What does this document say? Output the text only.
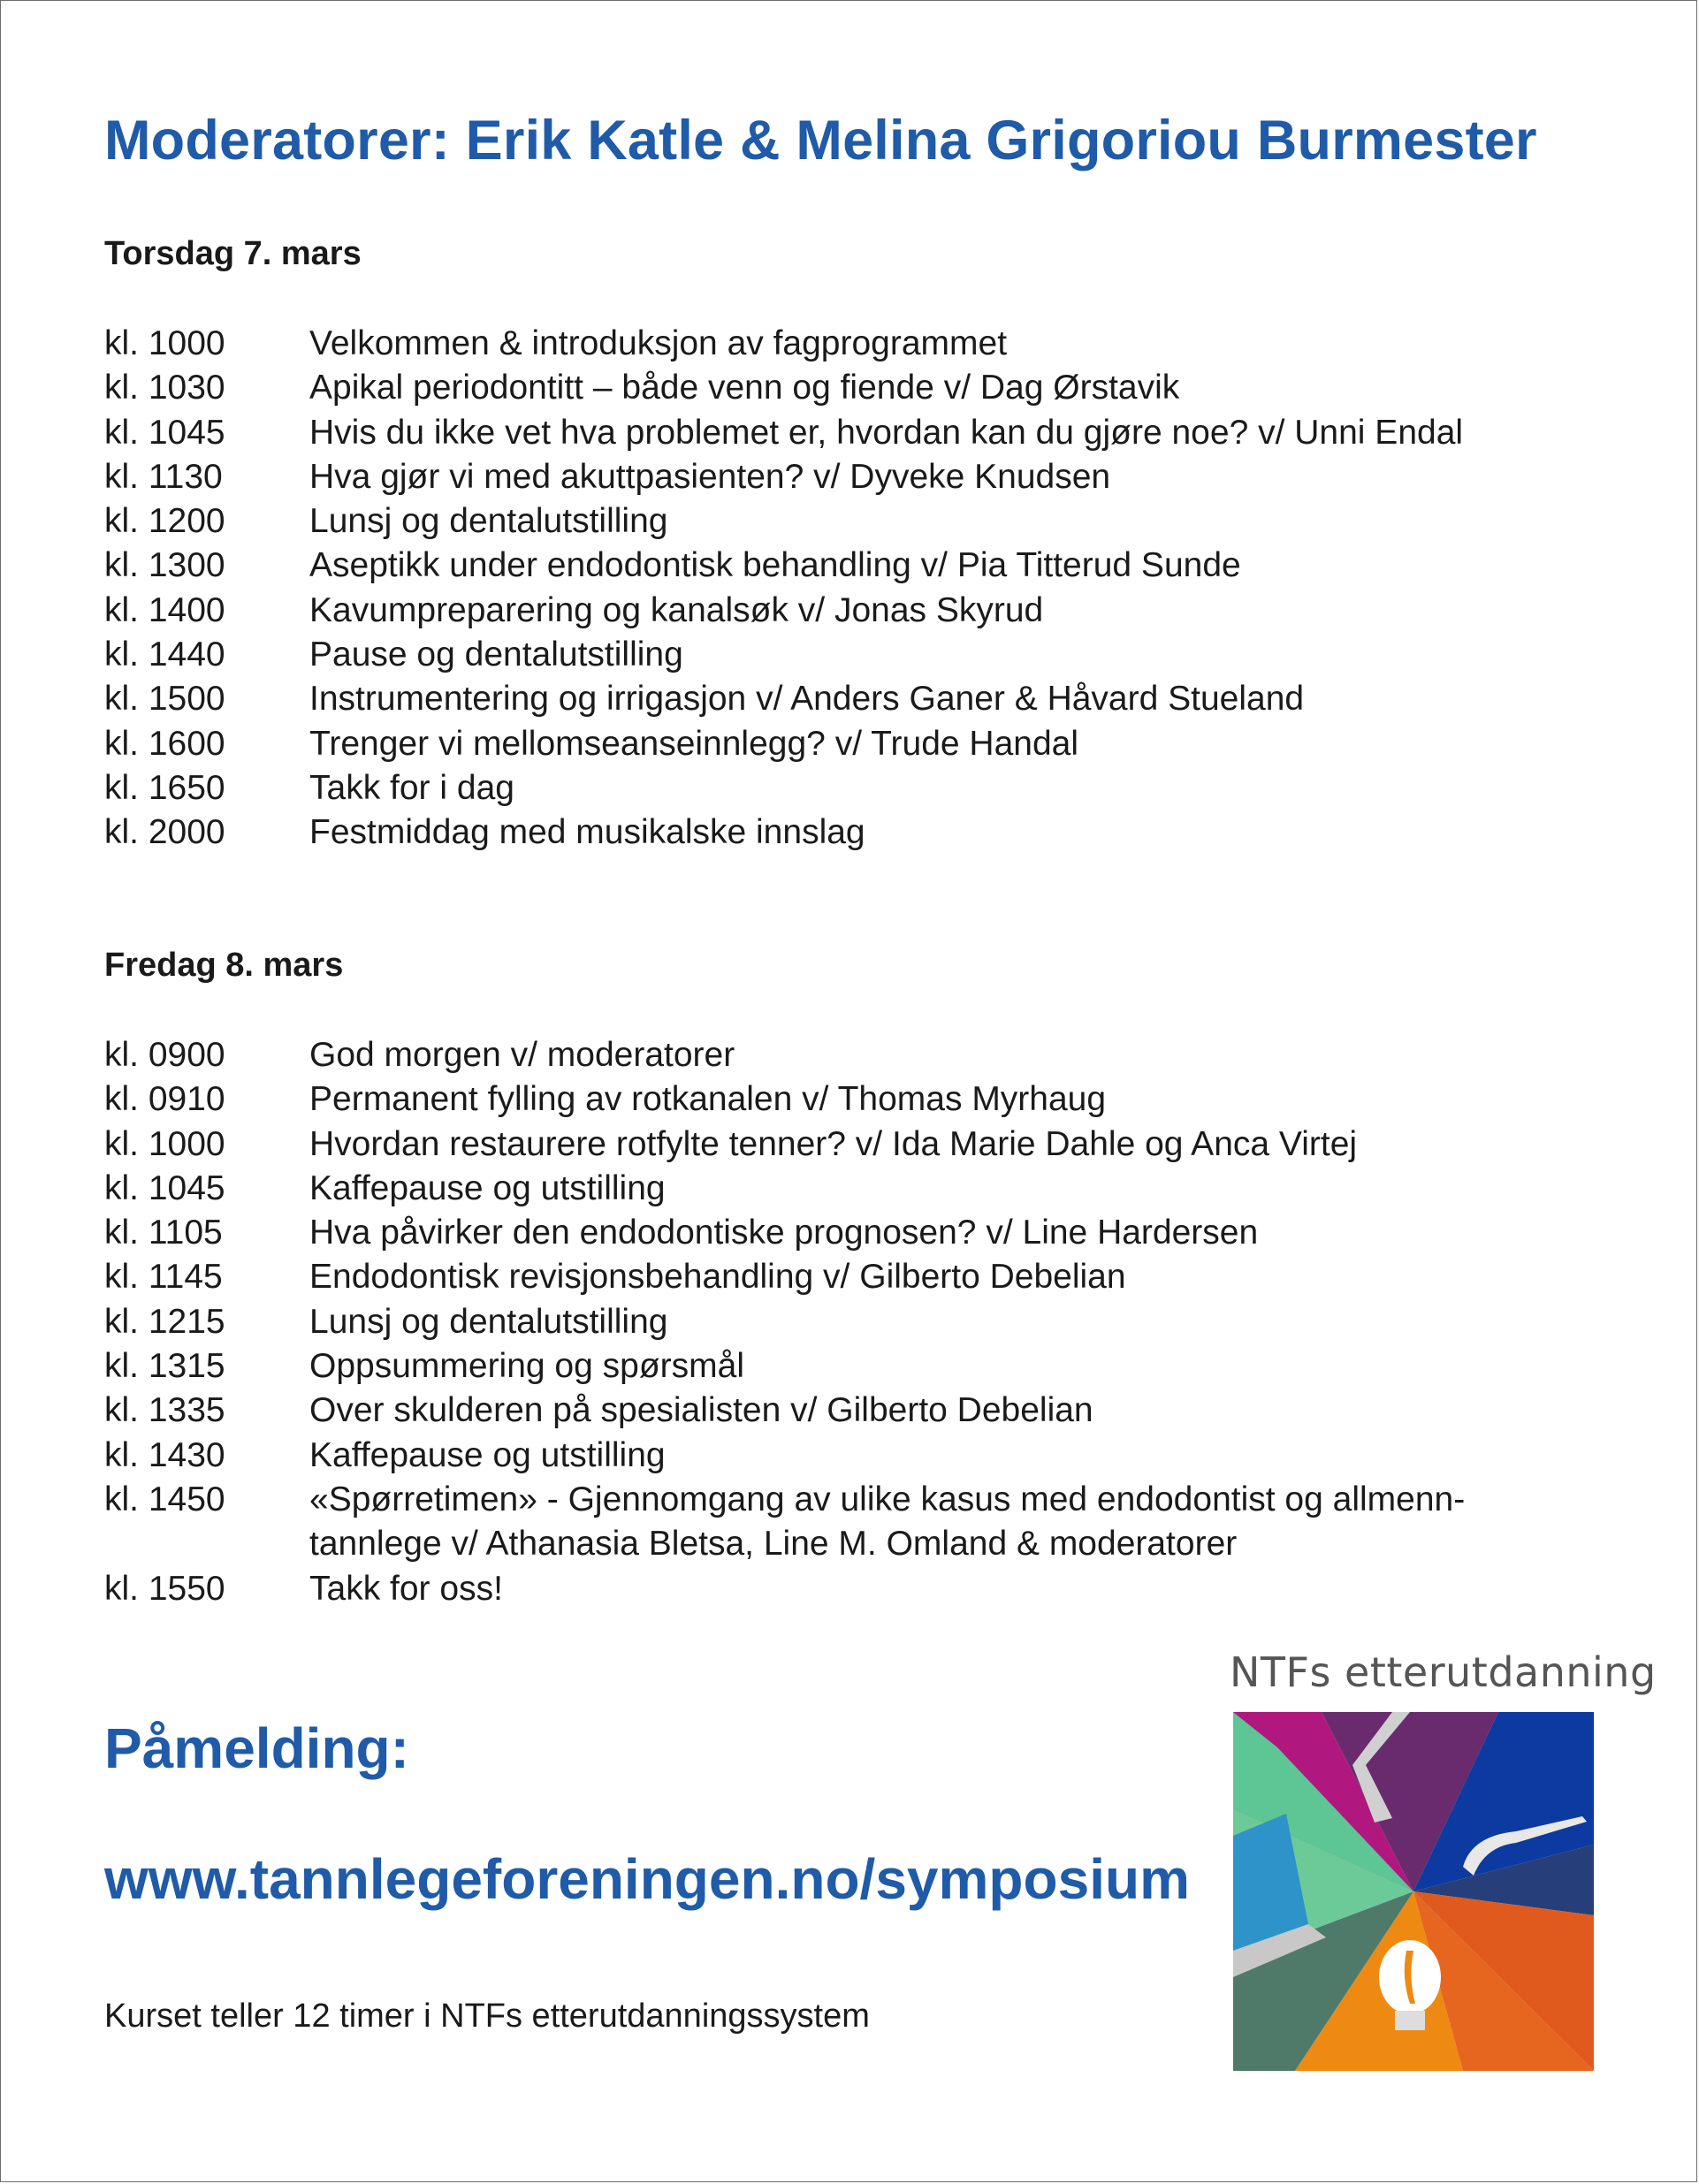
Moderatorer: Erik Katle & Melina Grigoriou Burmester
Torsdag 7. mars
kl. 1000	Velkommen & introduksjon av fagprogrammet
kl. 1030	Apikal periodontitt – både venn og fiende v/ Dag Ørstavik
kl. 1045	Hvis du ikke vet hva problemet er, hvordan kan du gjøre noe? v/ Unni Endal
kl. 1130	Hva gjør vi med akuttpasienten? v/ Dyveke Knudsen
kl. 1200	Lunsj og dentalutstilling
kl. 1300	Aseptikk under endodontisk behandling v/ Pia Titterud Sunde
kl. 1400	Kavumpreparering og kanalsøk v/ Jonas Skyrud
kl. 1440	Pause og dentalutstilling
kl. 1500	Instrumentering og irrigasjon v/ Anders Ganer & Håvard Stueland
kl. 1600	Trenger vi mellomseanseinnlegg? v/ Trude Handal
kl. 1650	Takk for i dag
kl. 2000	Festmiddag med musikalske innslag
Fredag 8. mars
kl. 0900	God morgen v/ moderatorer
kl. 0910	Permanent fylling av rotkanalen v/ Thomas Myrhaug
kl. 1000	Hvordan restaurere rotfylte tenner? v/ Ida Marie Dahle og Anca Virtej
kl. 1045	Kaffepause og utstilling
kl. 1105	Hva påvirker den endodontiske prognosen? v/ Line Hardersen
kl. 1145	Endodontisk revisjonsbehandling v/ Gilberto Debelian
kl. 1215	Lunsj og dentalutstilling
kl. 1315	Oppsummering og spørsmål
kl. 1335	Over skulderen på spesialisten v/ Gilberto Debelian
kl. 1430	Kaffepause og utstilling
kl. 1450	«Spørretimen» - Gjennomgang av ulike kasus med endodontist og allmenn-
tannlege v/ Athanasia Bletsa, Line M. Omland & moderatorer
kl. 1550	Takk for oss!
Påmelding:
www.tannlegeforeningen.no/symposium
Kurset teller 12 timer i NTFs etterutdanningssystem
NTFs etterutdanning
